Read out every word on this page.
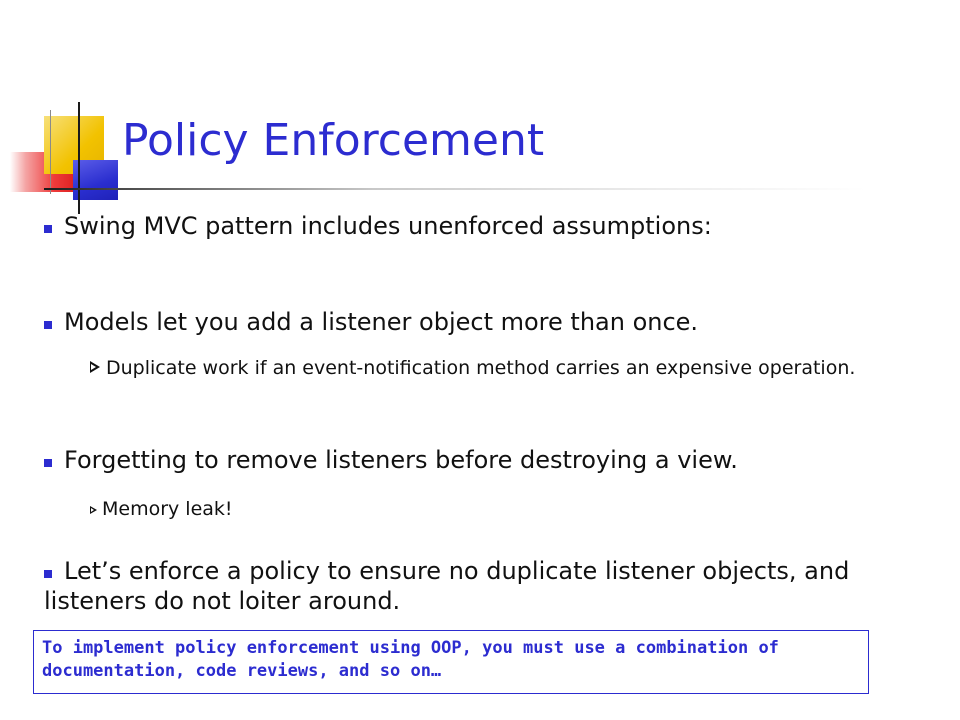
Policy Enforcement
Swing MVC pattern includes unenforced assumptions:
Models let you add a listener object more than once.
Duplicate work if an event-notification method carries an expensive operation.
Forgetting to remove listeners before destroying a view.
Memory leak!
Let’s enforce a policy to ensure no duplicate listener objects, and listeners do not loiter around.
To implement policy enforcement using OOP, you must use a combination of documentation, code reviews, and so on…
